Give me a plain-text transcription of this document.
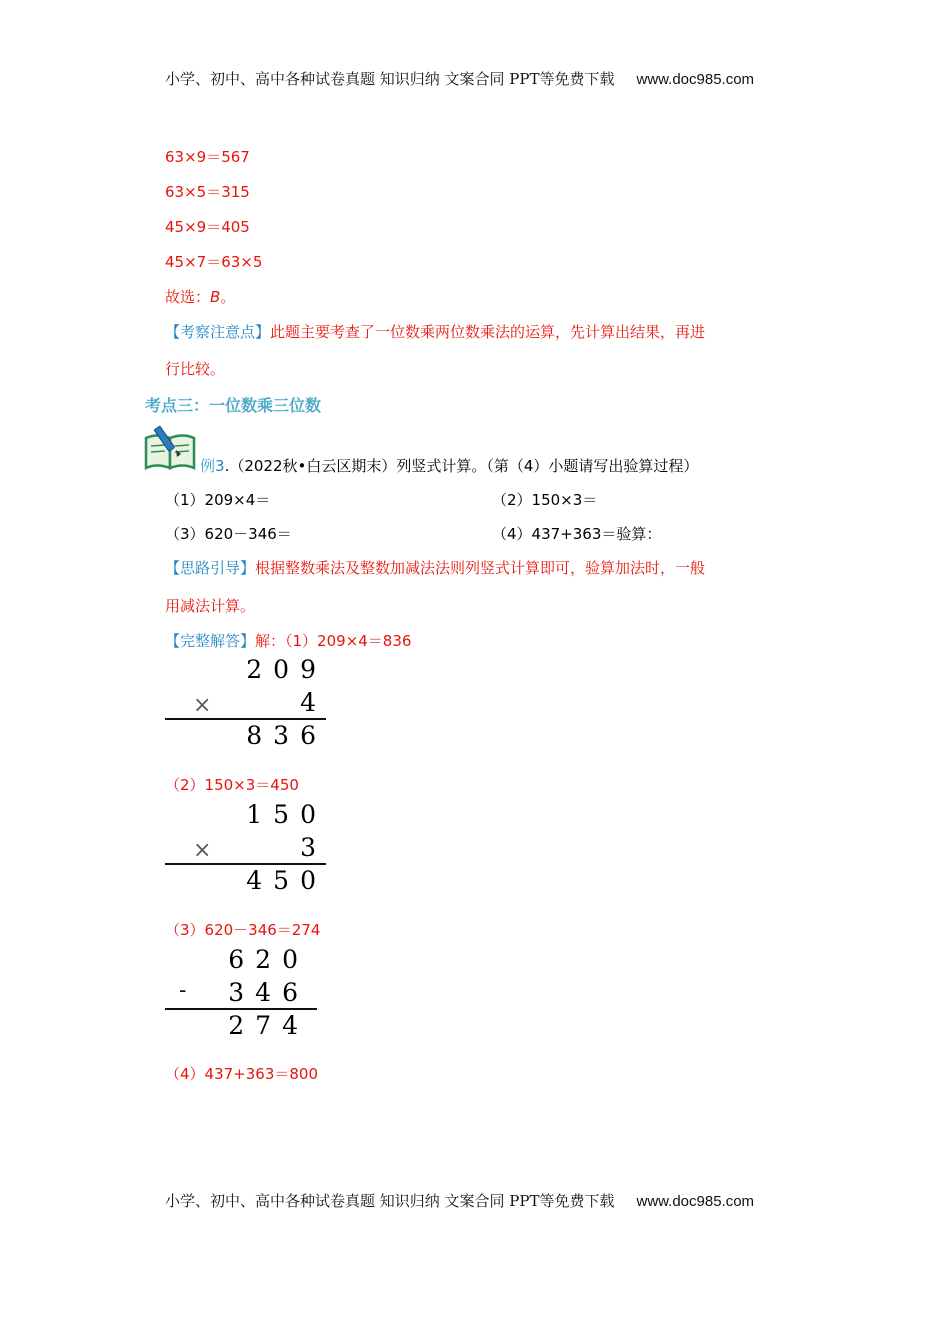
小学、初中、高中各种试卷真题 知识归纳 文案合同 PPT等免费下载 www.doc985.com
63×9＝567
63×5＝315
45×9＝405
45×7＝63×5
故选：B。
【考察注意点】此题主要考查了一位数乘两位数乘法的运算，先计算出结果，再进
行比较。
考点三：一位数乘三位数
例3.（2022秋•白云区期末）列竖式计算。（第（4）小题请写出验算过程）
（1）209×4＝	（2）150×3＝
（3）620－346＝	（4）437+363＝验算：
【思路引导】根据整数乘法及整数加减法法则列竖式计算即可，验算加法时，一般
用减法计算。
【完整解答】解：（1）209×4＝836
209
×	4
836
（2）150×3＝450
150
×	3
450
（3）620－346＝274
620
- 346
274
（4）437+363＝800
小学、初中、高中各种试卷真题 知识归纳 文案合同 PPT等免费下载 www.doc985.com
